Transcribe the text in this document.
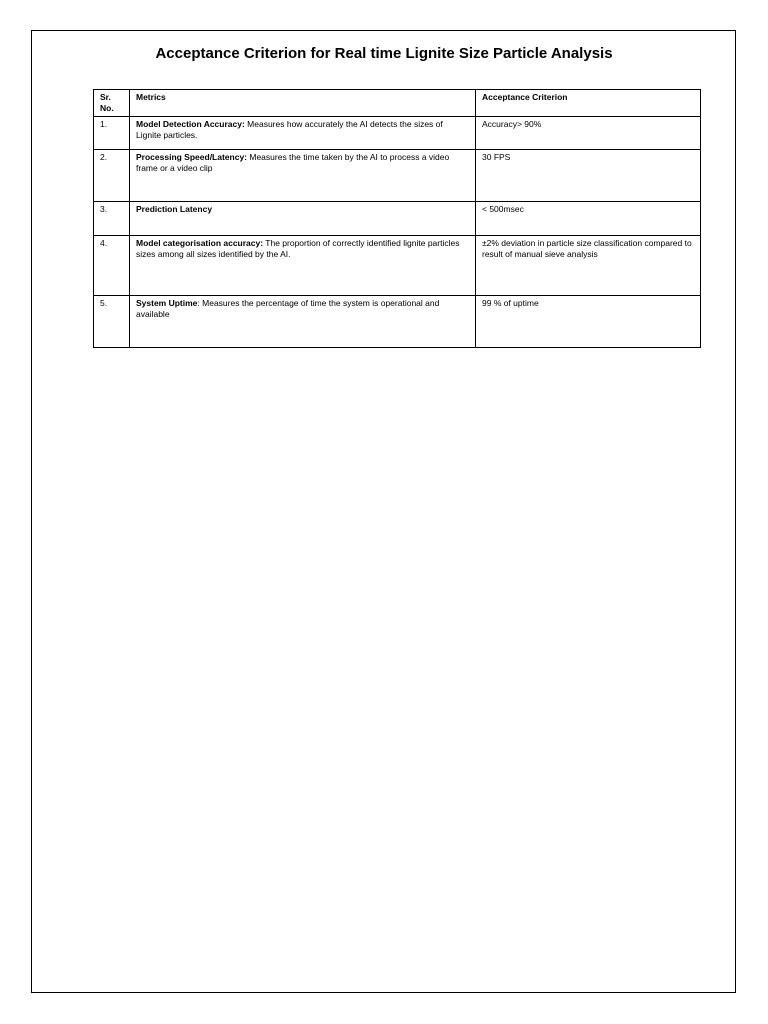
Acceptance Criterion for Real time Lignite Size Particle Analysis
Sr. No.	Metrics	Acceptance Criterion
1.	Model Detection Accuracy: Measures how accurately the AI detects the sizes of Lignite particles.	Accuracy> 90%
2.	Processing Speed/Latency: Measures the time taken by the AI to process a video frame or a video clip	30 FPS
3.	Prediction Latency	< 500msec
4.	Model categorisation accuracy: The proportion of correctly identified lignite particles sizes among all sizes identified by the AI.	±2% deviation in particle size classification compared to result of manual sieve analysis
5.	System Uptime: Measures the percentage of time the system is operational and available	99 % of uptime
